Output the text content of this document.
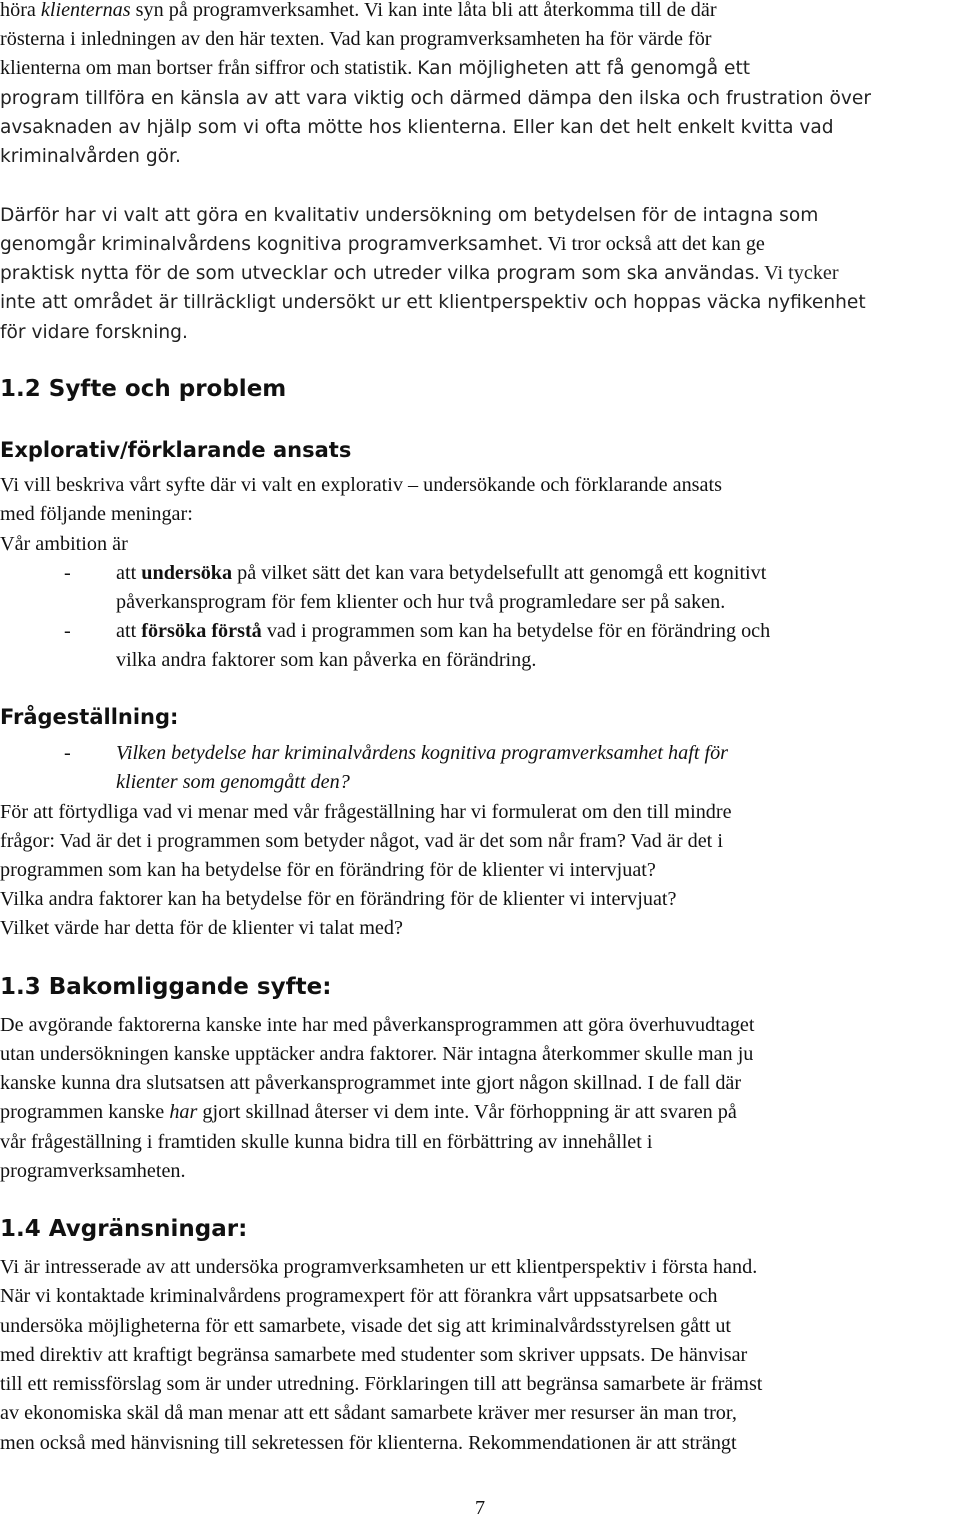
höra klienternas syn på programverksamhet. Vi kan inte låta bli att återkomma till de där

rösterna i inledningen av den här texten. Vad kan programverksamheten ha för värde för

klienterna om man bortser från siffror och statistik. Kan möjligheten att få genomgå ett

program tillföra en känsla av att vara viktig och därmed dämpa den ilska och frustration över

avsaknaden av hjälp som vi ofta mötte hos klienterna. Eller kan det helt enkelt kvitta vad

kriminalvården gör.

Därför har vi valt att göra en kvalitativ undersökning om betydelsen för de intagna som

genomgår kriminalvårdens kognitiva programverksamhet. Vi tror också att det kan ge

praktisk nytta för de som utvecklar och utreder vilka program som ska användas. Vi tycker

inte att området är tillräckligt undersökt ur ett klientperspektiv och hoppas väcka nyfikenhet

för vidare forskning.

1.2 Syfte och problem
Explorativ/förklarande ansats

Vi vill beskriva vårt syfte där vi valt en explorativ – undersökande och förklarande ansats

med följande meningar:

Vår ambition är

- att undersöka på vilket sätt det kan vara betydelsefullt att genomgå ett kognitivt
påverkansprogram för fem klienter och hur två programledare ser på saken.
- att försöka förstå vad i programmen som kan ha betydelse för en förändring och
vilka andra faktorer som kan påverka en förändring.
Frågeställning:
- Vilken betydelse har kriminalvårdens kognitiva programverksamhet haft för
klienter som genomgått den?

För att förtydliga vad vi menar med vår frågeställning har vi formulerat om den till mindre

frågor: Vad är det i programmen som betyder något, vad är det som når fram? Vad är det i

programmen som kan ha betydelse för en förändring för de klienter vi intervjuat?

Vilka andra faktorer kan ha betydelse för en förändring för de klienter vi intervjuat?

Vilket värde har detta för de klienter vi talat med?

1.3 Bakomliggande syfte:

De avgörande faktorerna kanske inte har med påverkansprogrammen att göra överhuvudtaget

utan undersökningen kanske upptäcker andra faktorer. När intagna återkommer skulle man ju

kanske kunna dra slutsatsen att påverkansprogrammet inte gjort någon skillnad. I de fall där

programmen kanske har gjort skillnad återser vi dem inte. Vår förhoppning är att svaren på

vår frågeställning i framtiden skulle kunna bidra till en förbättring av innehållet i

programverksamheten.

1.4 Avgränsningar:

Vi är intresserade av att undersöka programverksamheten ur ett klientperspektiv i första hand.

När vi kontaktade kriminalvårdens programexpert för att förankra vårt uppsatsarbete och

undersöka möjligheterna för ett samarbete, visade det sig att kriminalvårdsstyrelsen gått ut

med direktiv att kraftigt begränsa samarbete med studenter som skriver uppsats. De hänvisar

till ett remissförslag som är under utredning. Förklaringen till att begränsa samarbete är främst

av ekonomiska skäl då man menar att ett sådant samarbete kräver mer resurser än man tror,

men också med hänvisning till sekretessen för klienterna. Rekommendationen är att strängt

7
